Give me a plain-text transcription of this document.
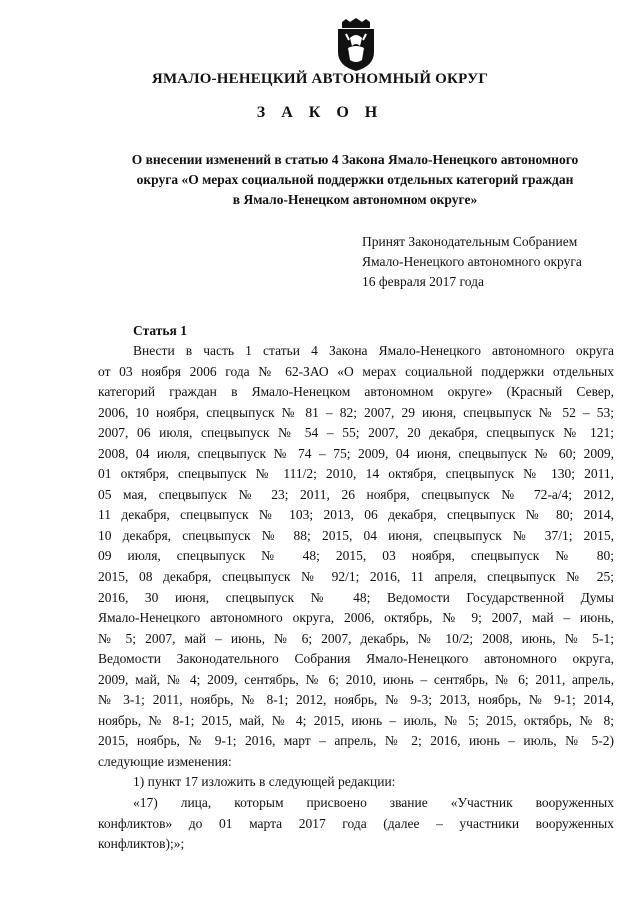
ЯМАЛО-НЕНЕЦКИЙ АВТОНОМНЫЙ ОКРУГ
З А К О Н
О внесении изменений в статью 4 Закона Ямало-Ненецкого автономного
округа «О мерах социальной поддержки отдельных категорий граждан
в Ямало-Ненецком автономном округе»
Принят Законодательным Собранием
Ямало-Ненецкого автономного округа
16 февраля 2017 года
Статья 1
Внести в часть 1 статьи 4 Закона Ямало-Ненецкого автономного округа
от 03 ноября 2006 года № 62-ЗАО «О мерах социальной поддержки отдельных
категорий граждан в Ямало-Ненецком автономном округе» (Красный Север,
2006, 10 ноября, спецвыпуск № 81 – 82; 2007, 29 июня, спецвыпуск № 52 – 53;
2007, 06 июля, спецвыпуск № 54 – 55; 2007, 20 декабря, спецвыпуск № 121;
2008, 04 июля, спецвыпуск № 74 – 75; 2009, 04 июня, спецвыпуск № 60; 2009,
01 октября, спецвыпуск № 111/2; 2010, 14 октября, спецвыпуск № 130; 2011,
05 мая, спецвыпуск № 23; 2011, 26 ноября, спецвыпуск № 72-а/4; 2012,
11 декабря, спецвыпуск № 103; 2013, 06 декабря, спецвыпуск № 80; 2014,
10 декабря, спецвыпуск № 88; 2015, 04 июня, спецвыпуск № 37/1; 2015,
09 июля, спецвыпуск № 48; 2015, 03 ноября, спецвыпуск № 80;
2015, 08 декабря, спецвыпуск № 92/1; 2016, 11 апреля, спецвыпуск № 25;
2016, 30 июня, спецвыпуск № 48; Ведомости Государственной Думы
Ямало-Ненецкого автономного округа, 2006, октябрь, № 9; 2007, май – июнь,
№ 5; 2007, май – июнь, № 6; 2007, декабрь, № 10/2; 2008, июнь, № 5-1;
Ведомости Законодательного Собрания Ямало-Ненецкого автономного округа,
2009, май, № 4; 2009, сентябрь, № 6; 2010, июнь – сентябрь, № 6; 2011, апрель,
№ 3-1; 2011, ноябрь, № 8-1; 2012, ноябрь, № 9-3; 2013, ноябрь, № 9-1; 2014,
ноябрь, № 8-1; 2015, май, № 4; 2015, июнь – июль, № 5; 2015, октябрь, № 8;
2015, ноябрь, № 9-1; 2016, март – апрель, № 2; 2016, июнь – июль, № 5-2)
следующие изменения:
1) пункт 17 изложить в следующей редакции:
«17) лица, которым присвоено звание «Участник вооруженных
конфликтов» до 01 марта 2017 года (далее – участники вооруженных
конфликтов);»;
